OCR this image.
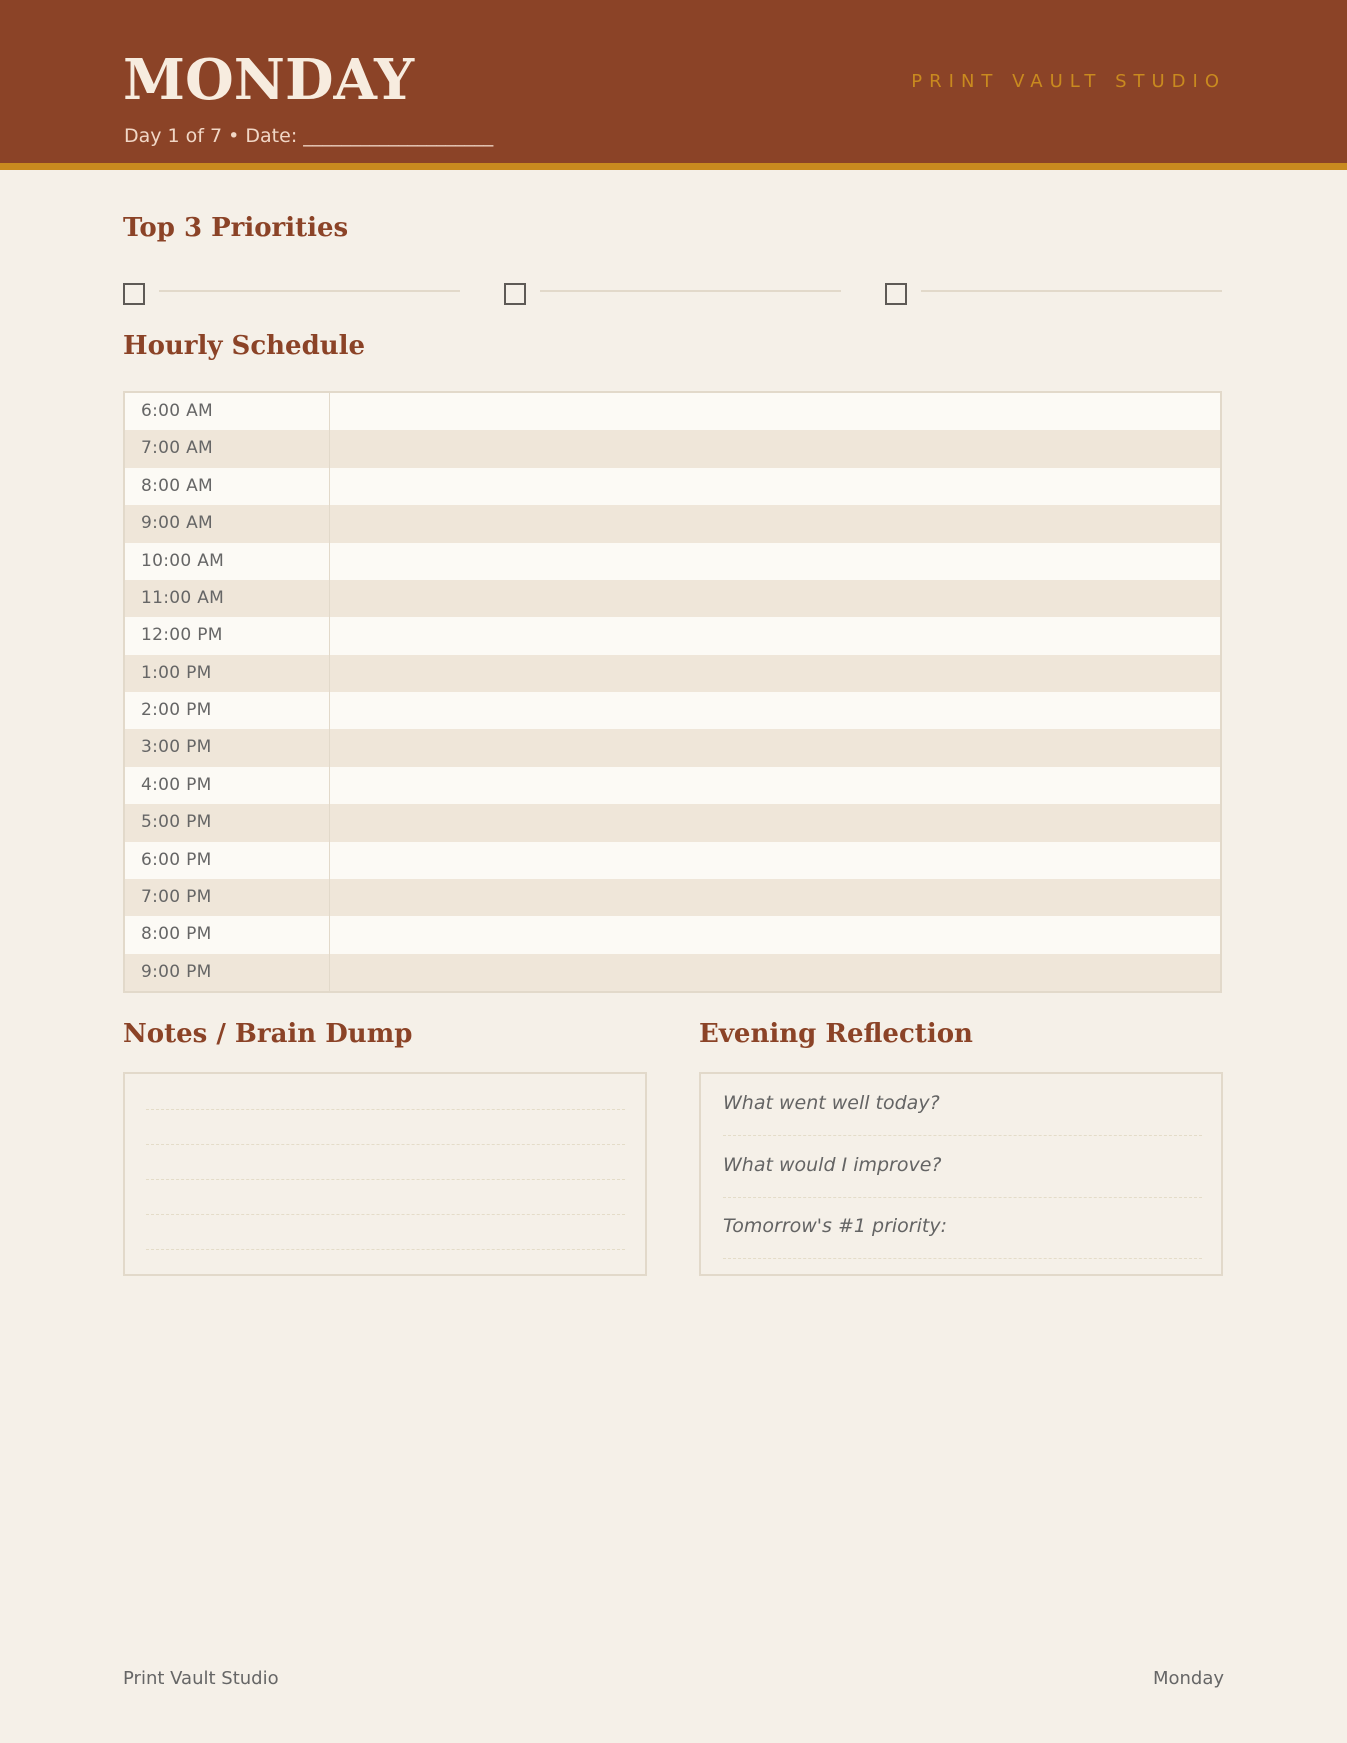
MONDAY

Day 1 of 7 • Date: ____________________

PRINT VAULT STUDIO

Top 3 Priorities
Hourly Schedule
6:00 AM
7:00 AM
8:00 AM
9:00 AM
10:00 AM
11:00 AM
12:00 PM
1:00 PM
2:00 PM
3:00 PM
4:00 PM
5:00 PM
6:00 PM
7:00 PM
8:00 PM
9:00 PM
Notes / Brain Dump	Evening Reflection

What went well today?

What would I improve?

Tomorrow's #1 priority:

Print Vault Studio	Monday
